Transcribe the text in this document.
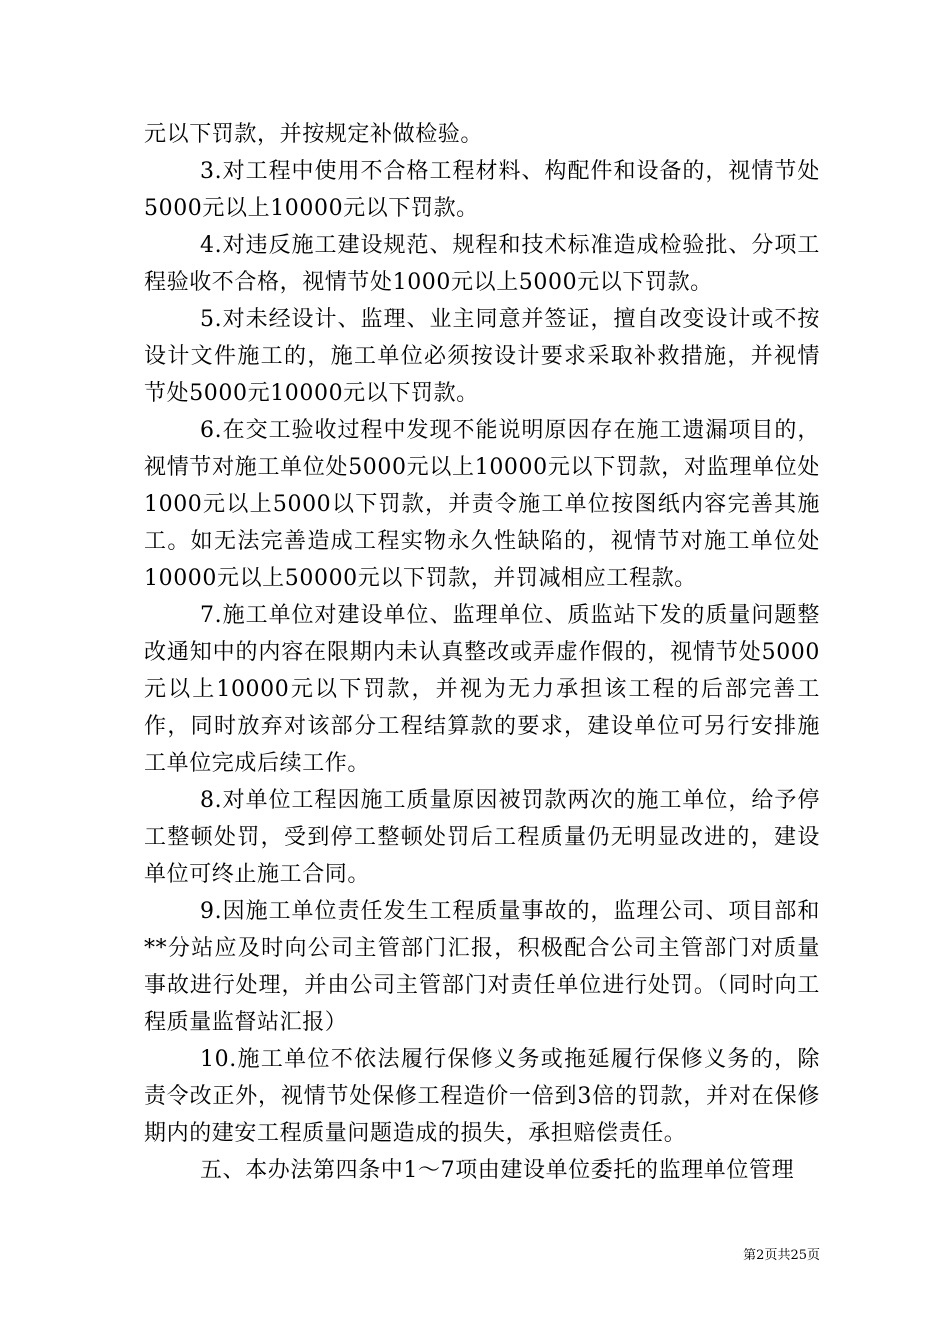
元以下罚款，并按规定补做检验。

3.对工程中使用不合格工程材料、构配件和设备的，视情节处5000元以上10000元以下罚款。

4.对违反施工建设规范、规程和技术标准造成检验批、分项工程验收不合格，视情节处1000元以上5000元以下罚款。

5.对未经设计、监理、业主同意并签证，擅自改变设计或不按设计文件施工的，施工单位必须按设计要求采取补救措施，并视情节处5000元10000元以下罚款。

6.在交工验收过程中发现不能说明原因存在施工遗漏项目的，视情节对施工单位处5000元以上10000元以下罚款，对监理单位处1000元以上5000以下罚款，并责令施工单位按图纸内容完善其施工。如无法完善造成工程实物永久性缺陷的，视情节对施工单位处10000元以上50000元以下罚款，并罚减相应工程款。

7.施工单位对建设单位、监理单位、质监站下发的质量问题整改通知中的内容在限期内未认真整改或弄虚作假的，视情节处5000元以上10000元以下罚款，并视为无力承担该工程的后部完善工作，同时放弃对该部分工程结算款的要求，建设单位可另行安排施工单位完成后续工作。

8.对单位工程因施工质量原因被罚款两次的施工单位，给予停工整顿处罚，受到停工整顿处罚后工程质量仍无明显改进的，建设单位可终止施工合同。

9.因施工单位责任发生工程质量事故的，监理公司、项目部和**分站应及时向公司主管部门汇报，积极配合公司主管部门对质量事故进行处理，并由公司主管部门对责任单位进行处罚。（同时向工程质量监督站汇报）

10.施工单位不依法履行保修义务或拖延履行保修义务的，除责令改正外，视情节处保修工程造价一倍到3倍的罚款，并对在保修期内的建安工程质量问题造成的损失，承担赔偿责任。

五、本办法第四条中1～7项由建设单位委托的监理单位管理

第2页共25页
